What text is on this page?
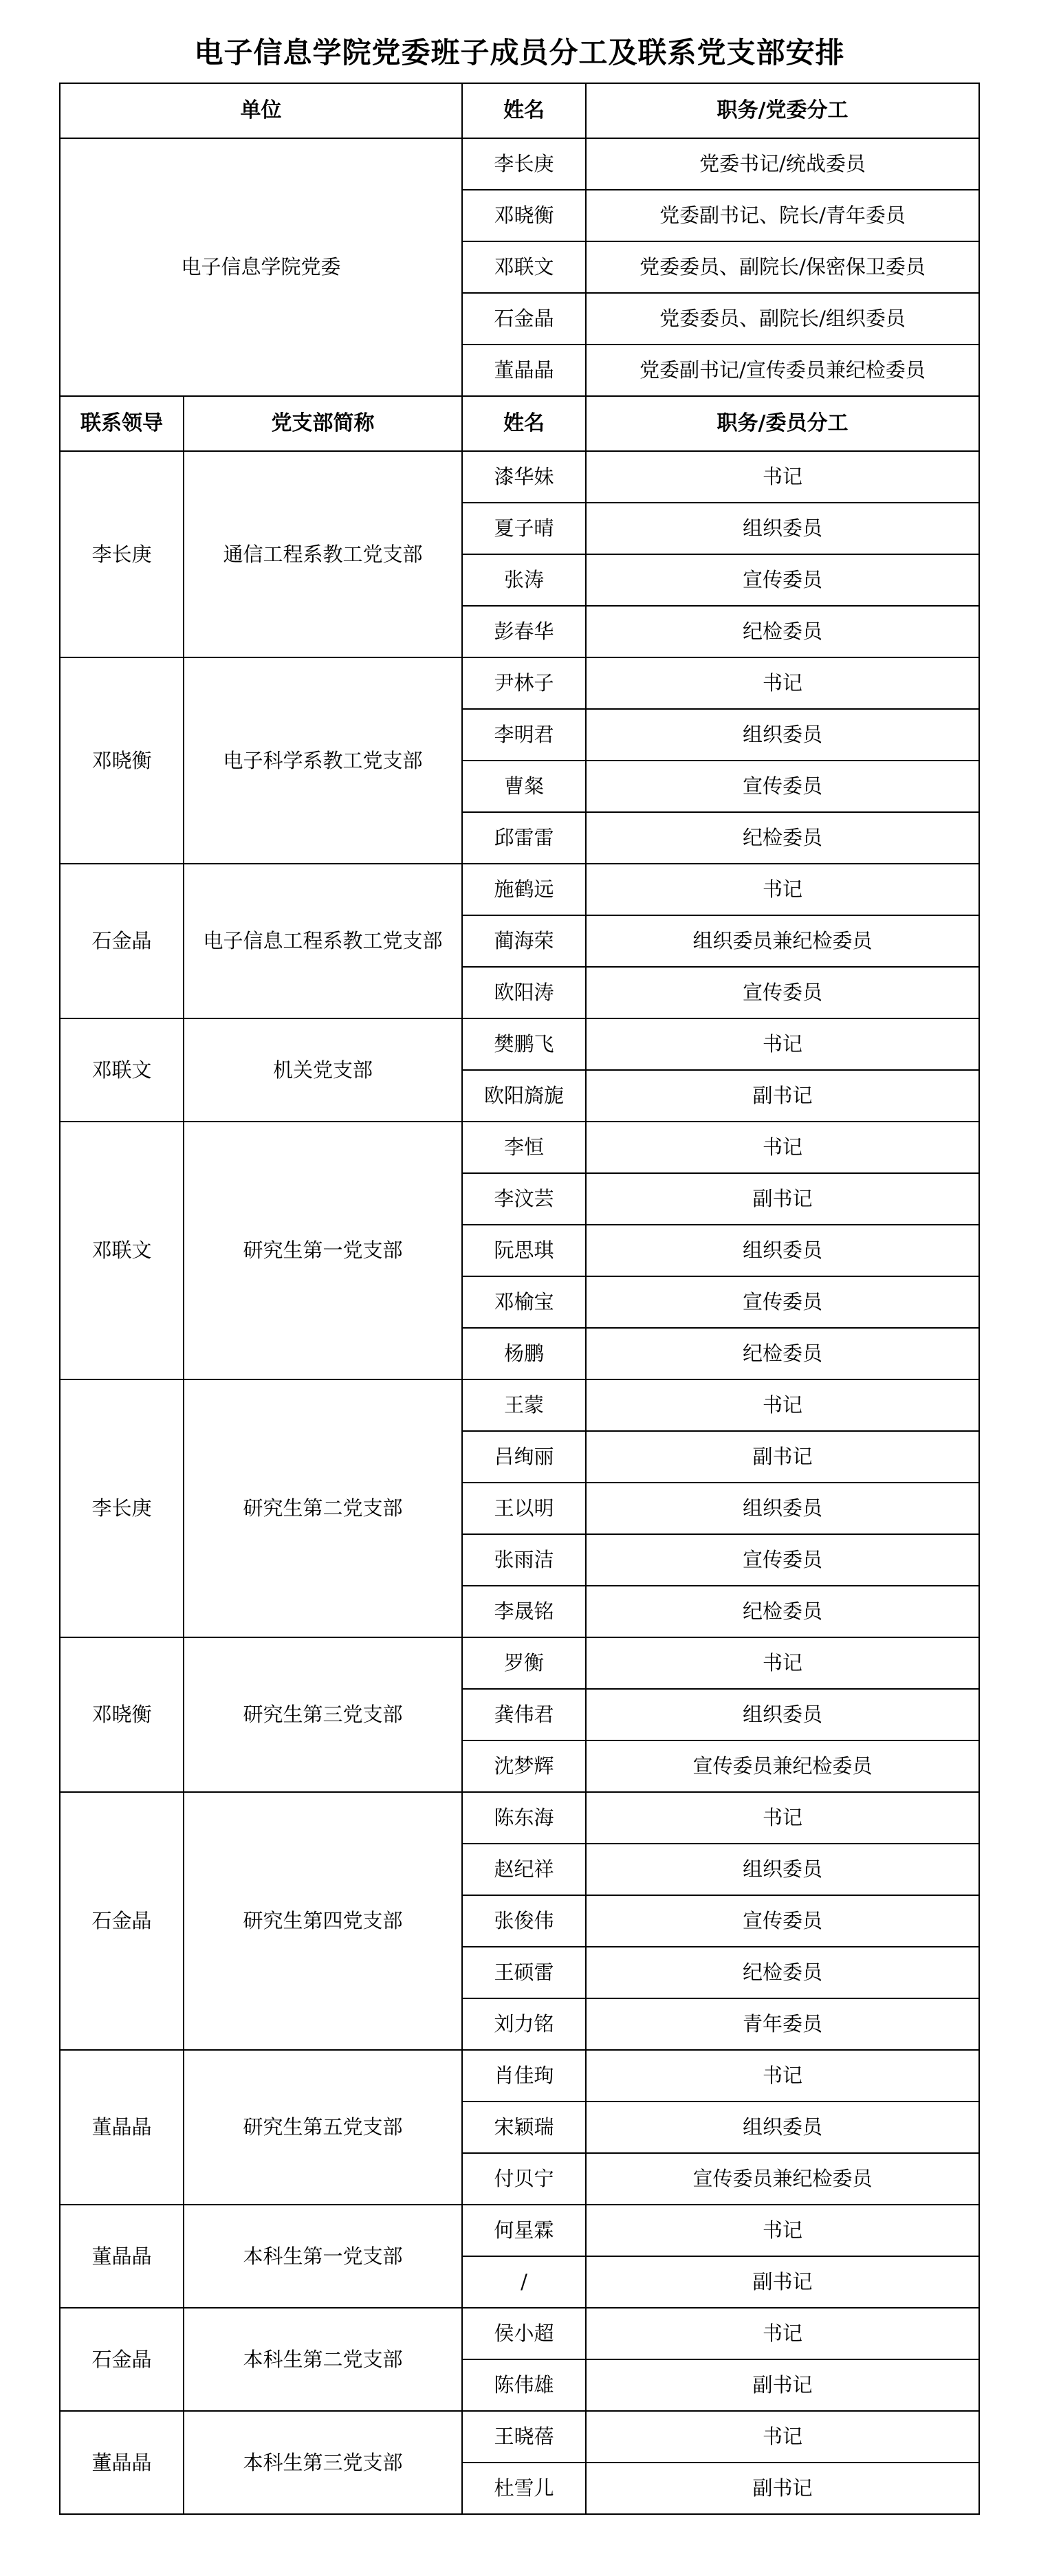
电子信息学院党委班子成员分工及联系党支部安排
单位		姓名	职务/党委分工
电子信息学院党委		李长庚	党委书记/统战委员
		邓晓衡	党委副书记、院长/青年委员
		邓联文	党委委员、副院长/保密保卫委员
		石金晶	党委委员、副院长/组织委员
		董晶晶	党委副书记/宣传委员兼纪检委员
联系领导	党支部简称	姓名	职务/委员分工
李长庚	通信工程系教工党支部	漆华妹	书记
		夏子晴	组织委员
		张涛	宣传委员
		彭春华	纪检委员
邓晓衡	电子科学系教工党支部	尹林子	书记
		李明君	组织委员
		曹粲	宣传委员
		邱雷雷	纪检委员
石金晶	电子信息工程系教工党支部	施鹤远	书记
		蔺海荣	组织委员兼纪检委员
		欧阳涛	宣传委员
邓联文	机关党支部	樊鹏飞	书记
		欧阳旖旎	副书记
邓联文	研究生第一党支部	李恒	书记
		李汶芸	副书记
		阮思琪	组织委员
		邓榆宝	宣传委员
		杨鹏	纪检委员
李长庚	研究生第二党支部	王蒙	书记
		吕绚丽	副书记
		王以明	组织委员
		张雨洁	宣传委员
		李晟铭	纪检委员
邓晓衡	研究生第三党支部	罗衡	书记
		龚伟君	组织委员
		沈梦辉	宣传委员兼纪检委员
石金晶	研究生第四党支部	陈东海	书记
		赵纪祥	组织委员
		张俊伟	宣传委员
		王硕雷	纪检委员
		刘力铭	青年委员
董晶晶	研究生第五党支部	肖佳珣	书记
		宋颖瑞	组织委员
		付贝宁	宣传委员兼纪检委员
董晶晶	本科生第一党支部	何星霖	书记
		/	副书记
石金晶	本科生第二党支部	侯小超	书记
		陈伟雄	副书记
董晶晶	本科生第三党支部	王晓蓓	书记
		杜雪儿	副书记
